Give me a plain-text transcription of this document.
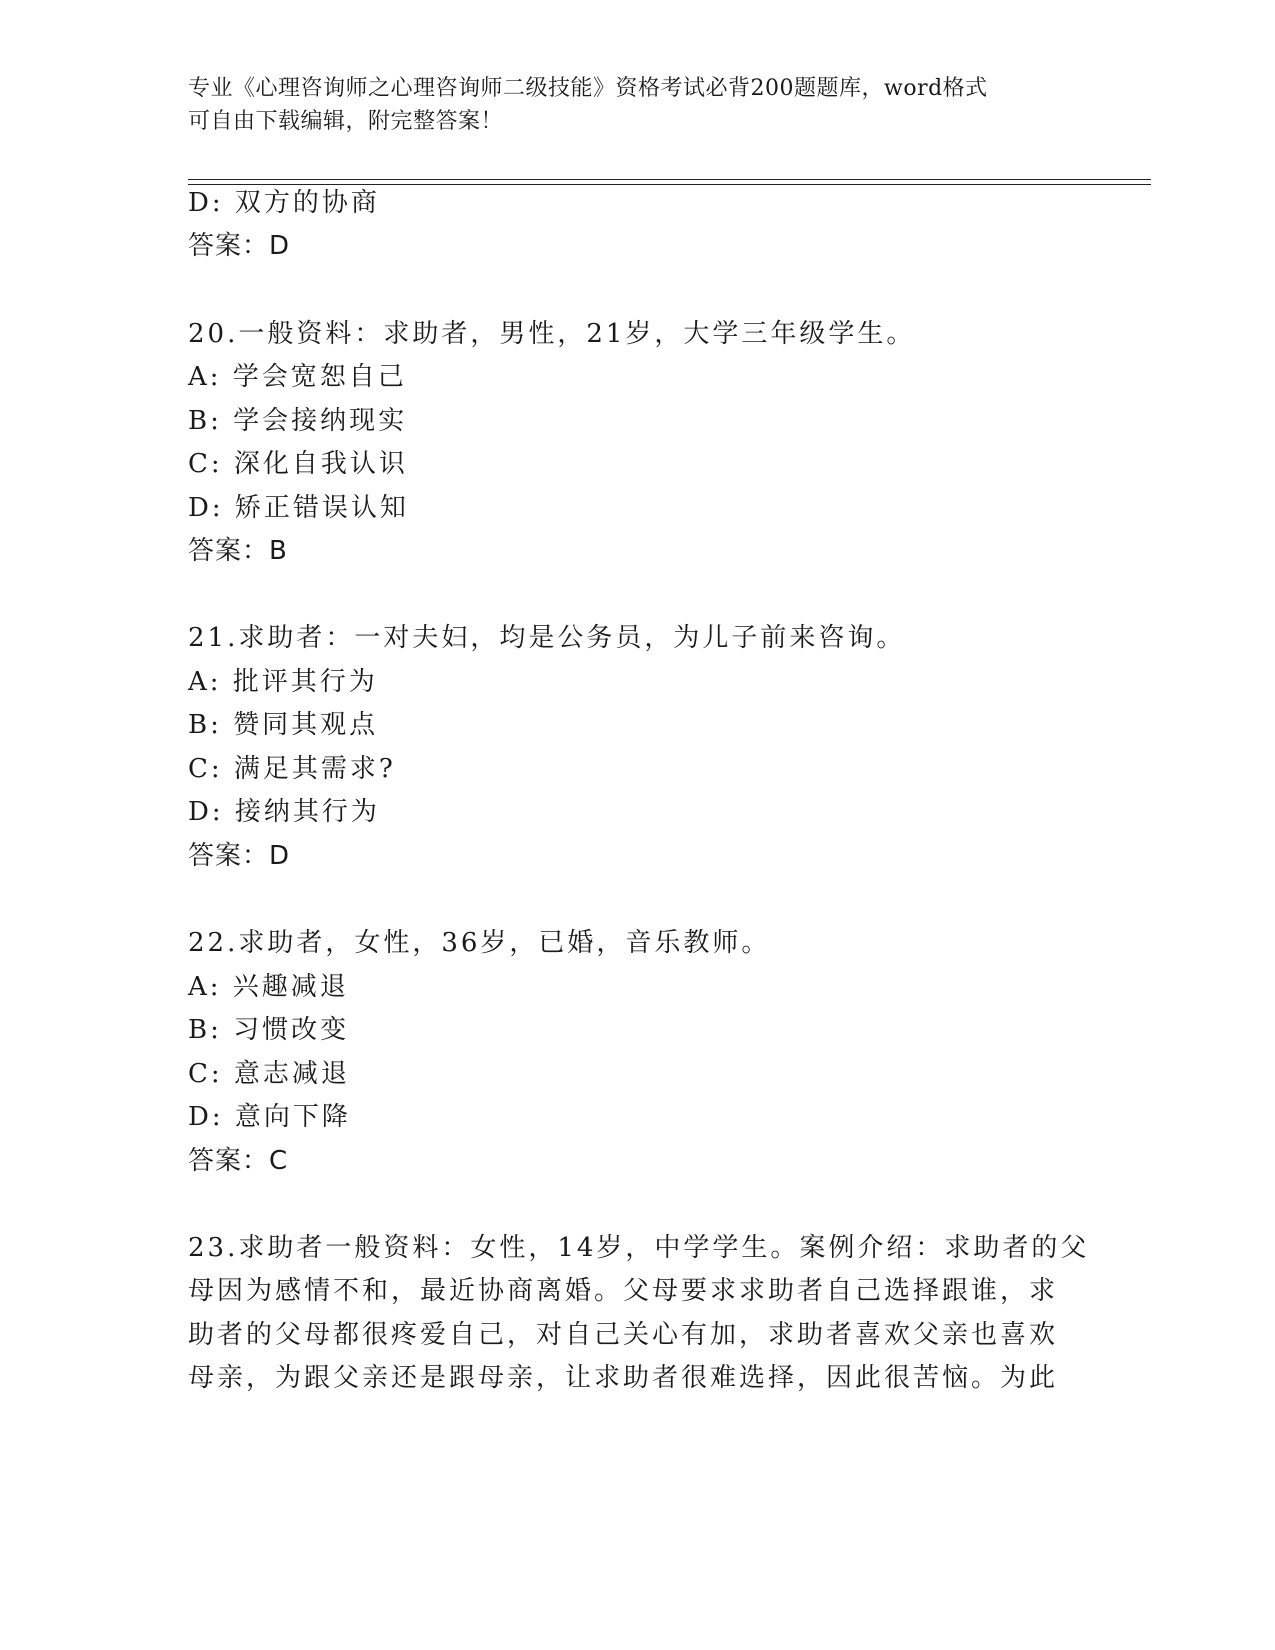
专业《心理咨询师之心理咨询师二级技能》资格考试必背200题题库，word格式
可自由下载编辑，附完整答案！
D: 双方的协商
答案：D
20.一般资料：求助者，男性，21岁，大学三年级学生。
A: 学会宽恕自己
B: 学会接纳现实
C: 深化自我认识
D: 矫正错误认知
答案：B
21.求助者：一对夫妇，均是公务员，为儿子前来咨询。
A: 批评其行为
B: 赞同其观点
C: 满足其需求?
D: 接纳其行为
答案：D
22.求助者，女性，36岁，已婚，音乐教师。
A: 兴趣减退
B: 习惯改变
C: 意志减退
D: 意向下降
答案：C
23.求助者一般资料：女性，14岁，中学学生。案例介绍：求助者的父
母因为感情不和，最近协商离婚。父母要求求助者自己选择跟谁，求
助者的父母都很疼爱自己，对自己关心有加，求助者喜欢父亲也喜欢
母亲，为跟父亲还是跟母亲，让求助者很难选择，因此很苦恼。为此
